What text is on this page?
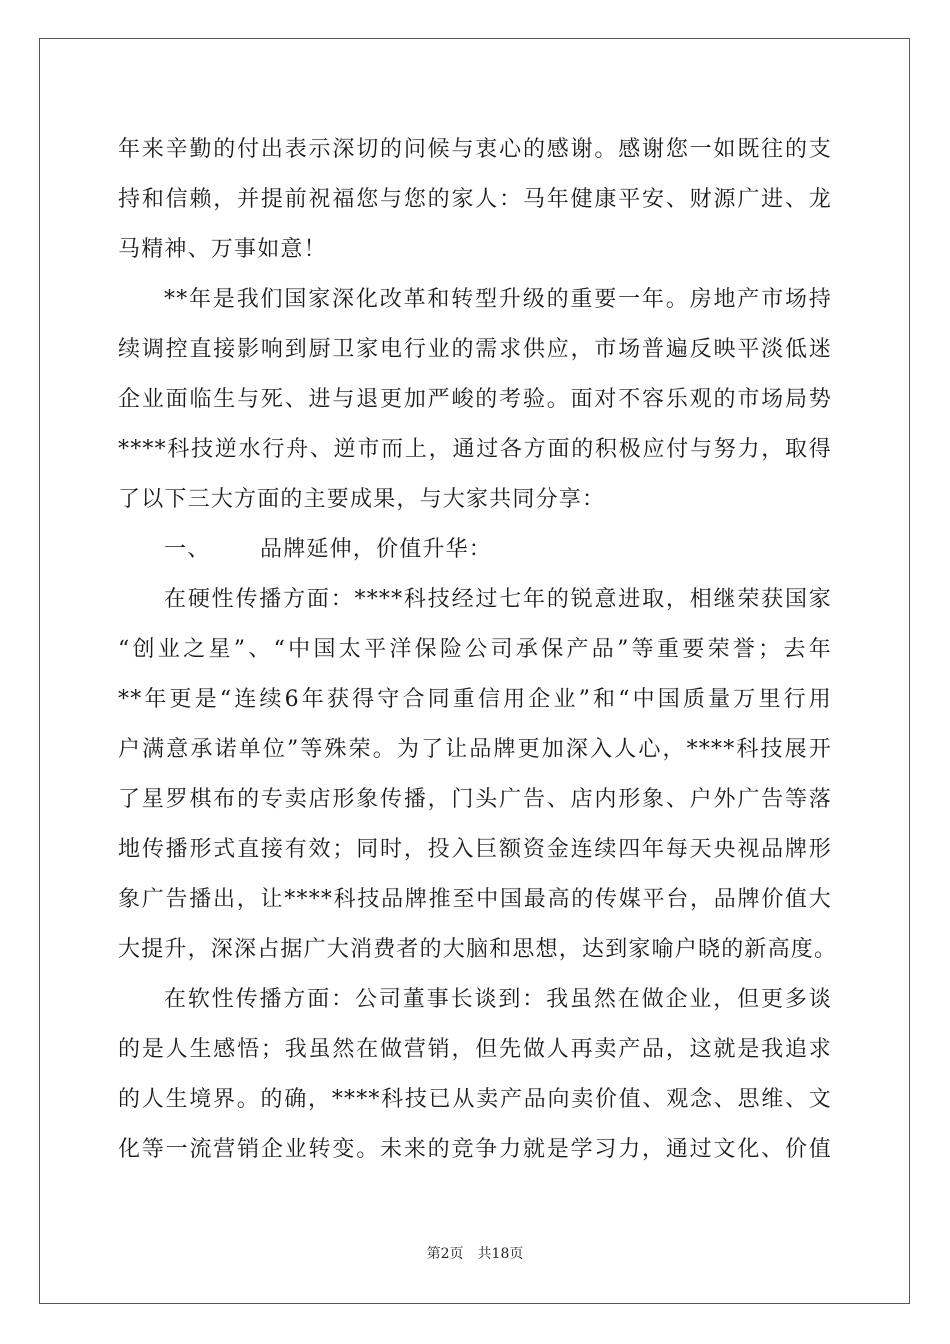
年来辛勤的付出表示深切的问候与衷心的感谢。感谢您一如既往的支
持和信赖，并提前祝福您与您的家人：马年健康平安、财源广进、龙
马精神、万事如意！
**年是我们国家深化改革和转型升级的重要一年。房地产市场持
续调控直接影响到厨卫家电行业的需求供应，市场普遍反映平淡低迷
企业面临生与死、进与退更加严峻的考验。面对不容乐观的市场局势
****科技逆水行舟、逆市而上，通过各方面的积极应付与努力，取得
了以下三大方面的主要成果，与大家共同分享：
一、 品牌延伸，价值升华：
在硬性传播方面：****科技经过七年的锐意进取，相继荣获国家
“创业之星”、“中国太平洋保险公司承保产品”等重要荣誉；去年
**年更是“连续6年获得守合同重信用企业”和“中国质量万里行用
户满意承诺单位”等殊荣。为了让品牌更加深入人心，****科技展开
了星罗棋布的专卖店形象传播，门头广告、店内形象、户外广告等落
地传播形式直接有效；同时，投入巨额资金连续四年每天央视品牌形
象广告播出，让****科技品牌推至中国最高的传媒平台，品牌价值大
大提升，深深占据广大消费者的大脑和思想，达到家喻户晓的新高度。
在软性传播方面：公司董事长谈到：我虽然在做企业，但更多谈
的是人生感悟；我虽然在做营销，但先做人再卖产品，这就是我追求
的人生境界。的确，****科技已从卖产品向卖价值、观念、思维、文
化等一流营销企业转变。未来的竞争力就是学习力，通过文化、价值
第2页 共18页
